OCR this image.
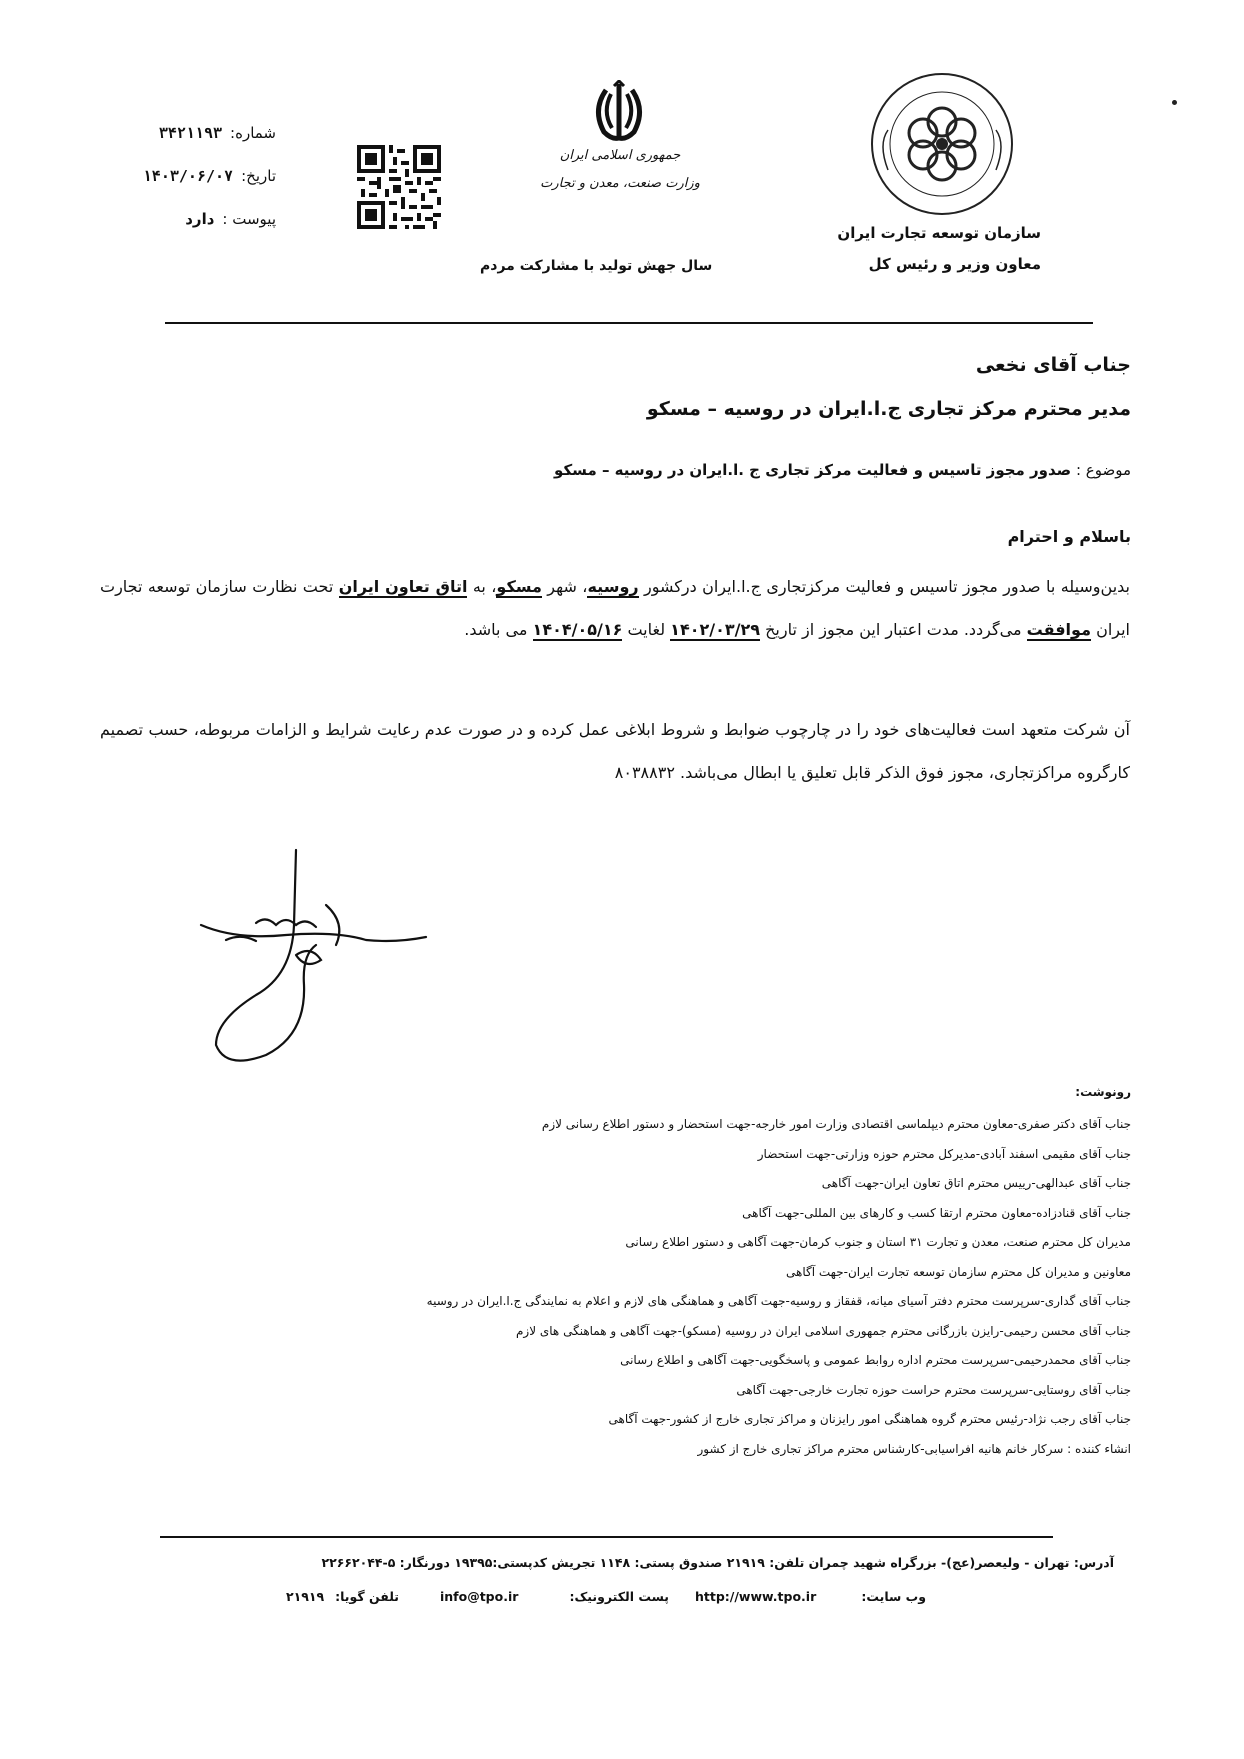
سازمان توسعه تجارت ایران
معاون وزیر و رئیس کل
جمهوری اسلامی ایران
وزارت صنعت، معدن و تجارت
سال جهش تولید با مشارکت مردم
شماره:۳۴۲۱۱۹۳
تاریخ:۱۴۰۳/۰۶/۰۷
پیوست :دارد
جناب آقای نخعی
مدیر محترم مرکز تجاری ج.ا.ایران در روسیه – مسکو
موضوع : صدور مجوز تاسیس و فعالیت مرکز تجاری ج .ا.ایران در روسیه – مسکو
باسلام و احترام
بدین‌وسیله با صدور مجوز تاسیس و فعالیت مرکزتجاری ج.ا.ایران درکشور روسیه، شهر مسکو، به اتاق تعاون ایران تحت نظارت سازمان توسعه تجارت ایران موافقت می‌گردد. مدت اعتبار این مجوز از تاریخ ۱۴۰۲/۰۳/۲۹ لغایت ۱۴۰۴/۰۵/۱۶ می باشد.
آن شرکت متعهد است فعالیت‌های خود را در چارچوب ضوابط و شروط ابلاغی عمل کرده و در صورت عدم رعایت شرایط و الزامات مربوطه، حسب تصمیم کارگروه مراکزتجاری، مجوز فوق الذکر قابل تعلیق یا ابطال می‌باشد. ۸۰۳۸۸۳۲
رونوشت:
جناب آقای دکتر صفری-معاون محترم دیپلماسی اقتصادی وزارت امور خارجه-جهت استحضار و دستور اطلاع رسانی لازم
جناب آقای مقیمی اسفند آبادی-مدیرکل محترم حوزه وزارتی-جهت استحضار
جناب آقای عبدالهی-رییس محترم اتاق تعاون ایران-جهت آگاهی
جناب آقای قنادزاده-معاون محترم ارتقا کسب و کارهای بین المللی-جهت آگاهی
مدیران کل محترم صنعت، معدن و تجارت ۳۱ استان و جنوب کرمان-جهت آگاهی و دستور اطلاع رسانی
معاونین و مدیران کل محترم سازمان توسعه تجارت ایران-جهت آگاهی
جناب آقای گداری-سرپرست محترم دفتر آسیای میانه، قفقاز و روسیه-جهت آگاهی و هماهنگی های لازم و اعلام به نمایندگی ج.ا.ایران در روسیه
جناب آقای محسن رحیمی-رایزن بازرگانی محترم جمهوری اسلامی ایران در روسیه (مسکو)-جهت آگاهی و هماهنگی های لازم
جناب آقای محمدرحیمی-سرپرست محترم اداره روابط عمومی و پاسخگویی-جهت آگاهی و اطلاع رسانی
جناب آقای روستایی-سرپرست محترم حراست حوزه تجارت خارجی-جهت آگاهی
جناب آقای رجب نژاد-رئیس محترم گروه هماهنگی امور رایزنان و مراکز تجاری خارج از کشور-جهت آگاهی
انشاء کننده : سرکار خانم هانیه افراسیابی-کارشناس محترم مراکز تجاری خارج از کشور
آدرس: تهران - ولیعصر(عج)- بزرگراه شهید چمران تلفن: ۲۱۹۱۹ صندوق پستی: ۱۱۴۸ تجریش کدپستی:۱۹۳۹۵ دورنگار: ۵-۲۲۶۶۲۰۴۴
وب سایت:
http://www.tpo.ir
پست الکترونیک:
info@tpo.ir
تلفن گویا:
۲۱۹۱۹
